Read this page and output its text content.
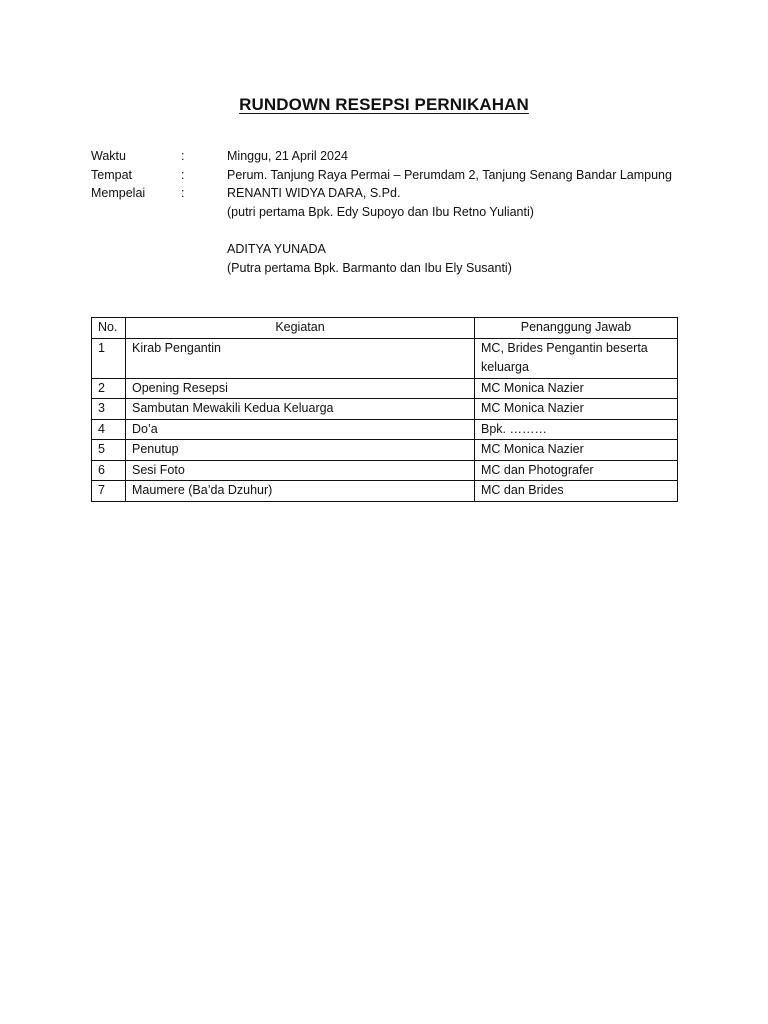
RUNDOWN RESEPSI PERNIKAHAN
Waktu	:	Minggu, 21 April 2024
Tempat	:	Perum. Tanjung Raya Permai – Perumdam 2, Tanjung Senang Bandar Lampung
Mempelai	:	RENANTI WIDYA DARA, S.Pd.
(putri pertama Bpk. Edy Supoyo dan Ibu Retno Yulianti)
ADITYA YUNADA
(Putra pertama Bpk. Barmanto dan Ibu Ely Susanti)
No.	Kegiatan	Penanggung Jawab
1	Kirab Pengantin	MC, Brides Pengantin beserta keluarga
2	Opening Resepsi	MC Monica Nazier
3	Sambutan Mewakili Kedua Keluarga	MC Monica Nazier
4	Do’a	Bpk. ………
5	Penutup	MC Monica Nazier
6	Sesi Foto	MC dan Photografer
7	Maumere (Ba’da Dzuhur)	MC dan Brides
